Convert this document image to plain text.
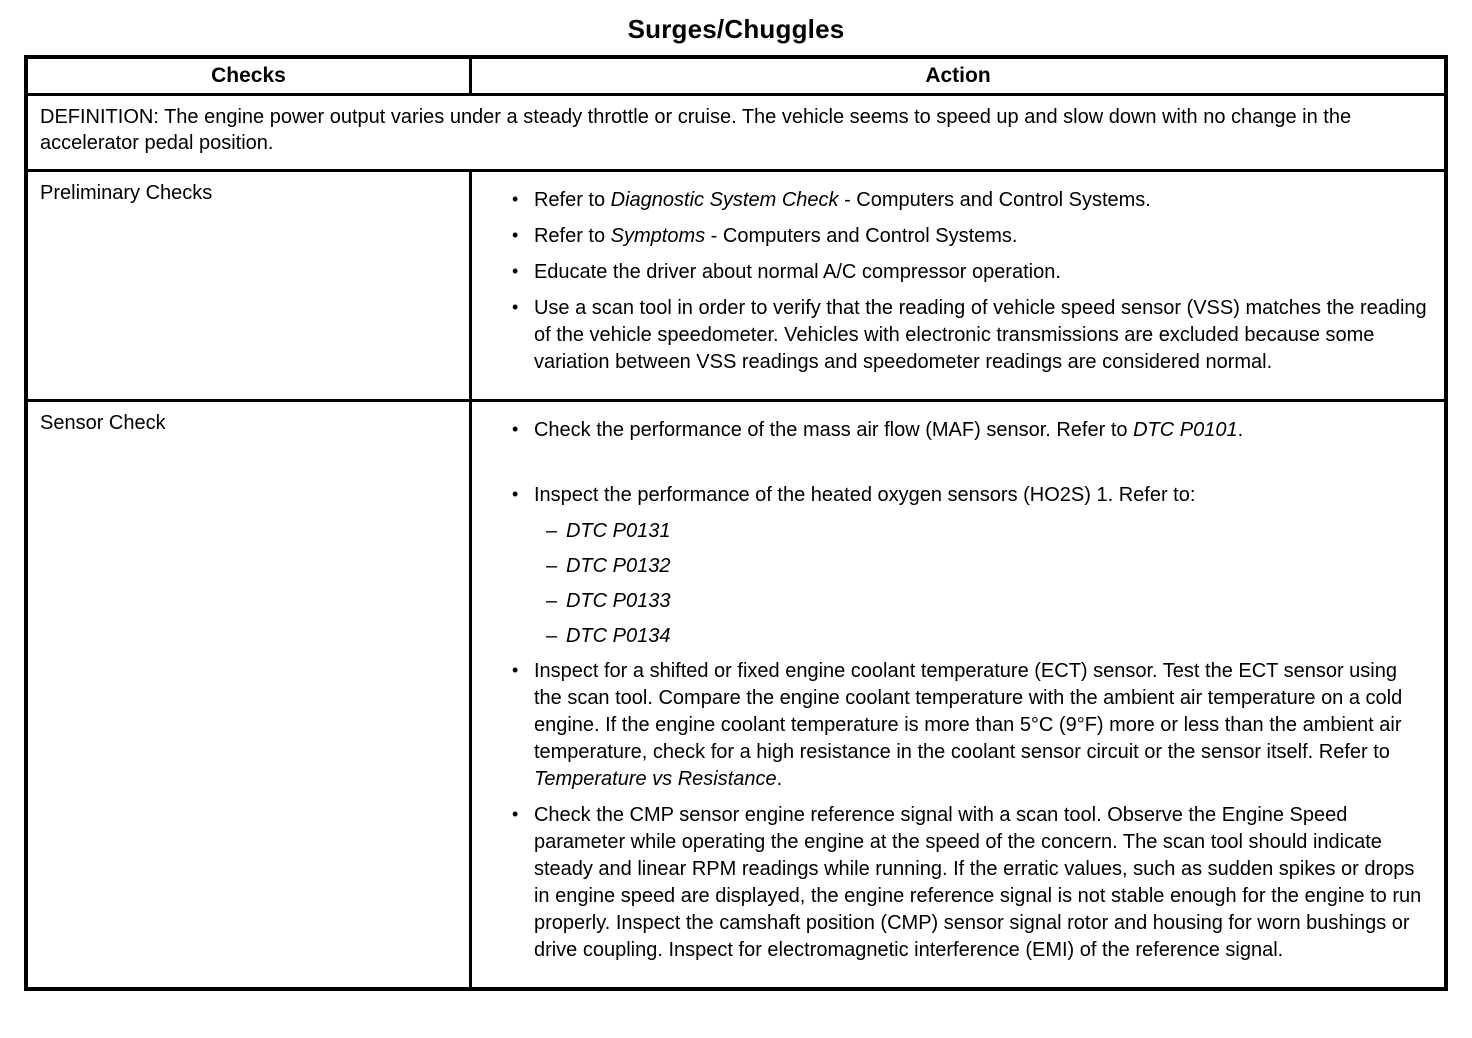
Surges/Chuggles
Checks	Action
DEFINITION: The engine power output varies under a steady throttle or cruise. The vehicle seems to speed up and slow down with no change in the accelerator pedal position.	
Preliminary Checks	• Refer to Diagnostic System Check - Computers and Control Systems.
• Refer to Symptoms - Computers and Control Systems.
• Educate the driver about normal A/C compressor operation.
• Use a scan tool in order to verify that the reading of vehicle speed sensor (VSS) matches the reading of the vehicle speedometer. Vehicles with electronic transmissions are excluded because some variation between VSS readings and speedometer readings are considered normal.

Sensor Check	• Check the performance of the mass air flow (MAF) sensor. Refer to DTC P0101.
• Inspect the performance of the heated oxygen sensors (HO2S) 1. Refer to:
– DTC P0131
– DTC P0132
– DTC P0133
– DTC P0134
• Inspect for a shifted or fixed engine coolant temperature (ECT) sensor. Test the ECT sensor using the scan tool. Compare the engine coolant temperature with the ambient air temperature on a cold engine. If the engine coolant temperature is more than 5°C (9°F) more or less than the ambient air temperature, check for a high resistance in the coolant sensor circuit or the sensor itself. Refer to Temperature vs Resistance.
• Check the CMP sensor engine reference signal with a scan tool. Observe the Engine Speed parameter while operating the engine at the speed of the concern. The scan tool should indicate steady and linear RPM readings while running. If the erratic values, such as sudden spikes or drops in engine speed are displayed, the engine reference signal is not stable enough for the engine to run properly. Inspect the camshaft position (CMP) sensor signal rotor and housing for worn bushings or drive coupling. Inspect for electromagnetic interference (EMI) of the reference signal.
